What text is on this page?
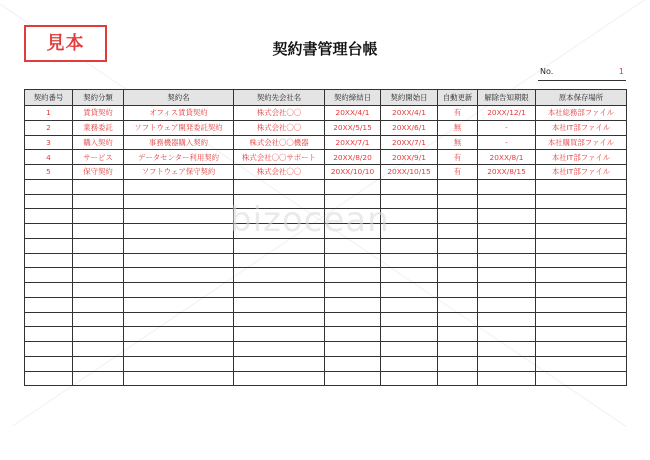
見本	契約書管理台帳
No.	1
契約番号	契約分類	契約名	契約先会社名	契約締結日	契約開始日	自動更新	解除告知期限	原本保存場所
1	賃貸契約	オフィス賃貸契約	株式会社〇〇	20XX/4/1	20XX/4/1	有	20XX/12/1	本社総務部ファイル
2	業務委託	ソフトウェア開発委託契約	株式会社〇〇	20XX/5/15	20XX/6/1	無	-	本社IT部ファイル
3	購入契約	事務機器購入契約	株式会社〇〇機器	20XX/7/1	20XX/7/1	無	-	本社購買部ファイル
4	サービス	データセンター利用契約	株式会社〇〇サポート	20XX/8/20	20XX/9/1	有	20XX/8/1	本社IT部ファイル
5	保守契約	ソフトウェア保守契約	株式会社〇〇	20XX/10/10	20XX/10/15	有	20XX/8/15	本社IT部ファイル

bizocean
